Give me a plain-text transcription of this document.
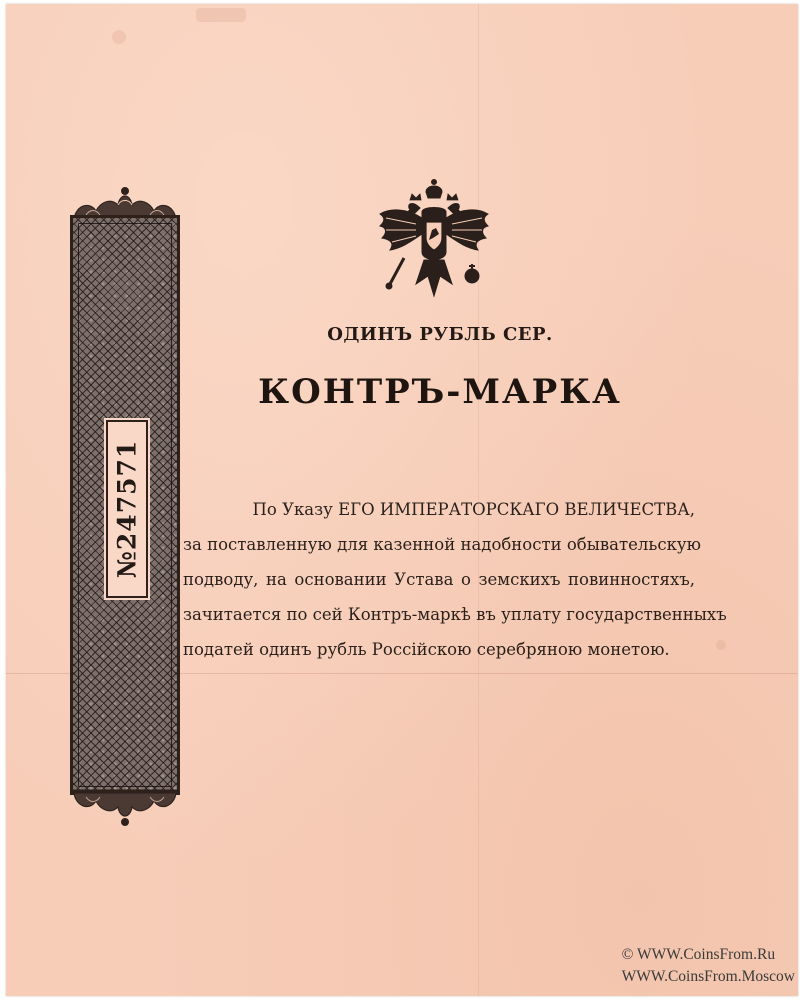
№247571
ОДИНЪ РУБЛЬ СЕР.
КОНТРЪ-МАРКА
По Указу ЕГО ИМПЕРАТОРСКАГО ВЕЛИЧЕСТВА,
за поставленную для казенной надобности обывательскую
подводу, на основании Устава о земскихъ повинностяхъ,
зачитается по сей Контръ-маркѣ въ уплату государственныхъ
податей одинъ рубль Россійскою серебряною монетою.
© WWW.CoinsFrom.Ru
WWW.CoinsFrom.Moscow
